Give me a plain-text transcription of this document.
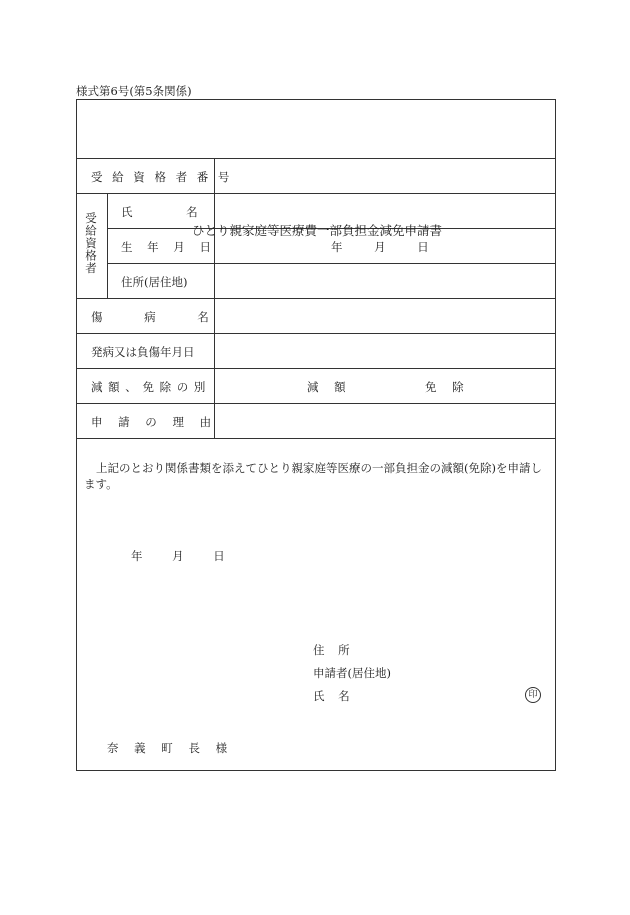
様式第6号(第5条関係)
ひとり親家庭等医療費一部負担金減免申請書
受 給 資 格 者 番 号
受給資格者 氏 名
生 年 月 日	年 月 日
住所(居住地)
傷 病 名
発病又は負傷年月日
減 額 、 免 除 の 別	減 額	免 除
申 請 の 理 由
上記のとおり関係書類を添えてひとり親家庭等医療の一部負担金の減額(免除)を申請します。
年 月 日
住 所
申請者(居住地)
氏 名	印
奈 義 町 長 様
